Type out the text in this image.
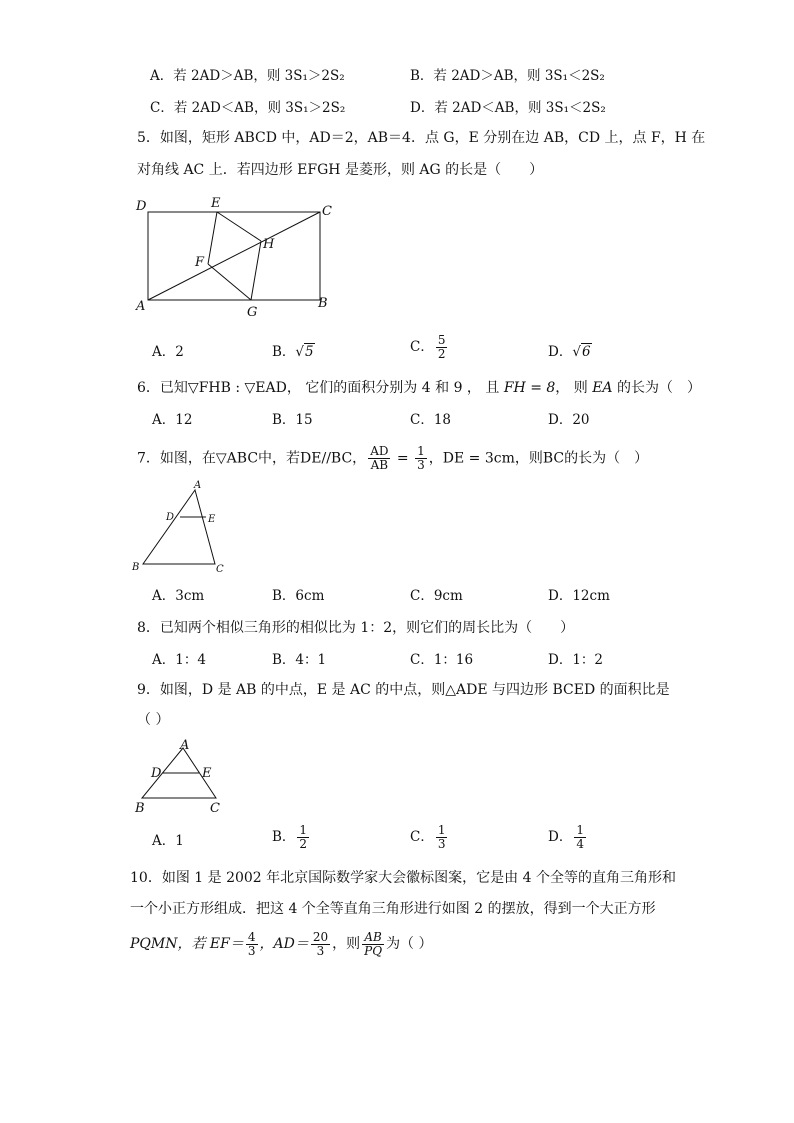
A．若 2AD＞AB，则 3S₁＞2S₂	B．若 2AD＞AB，则 3S₁＜2S₂
C．若 2AD＜AB，则 3S₁＞2S₂	D．若 2AD＜AB，则 3S₁＜2S₂
5．如图，矩形 ABCD 中，AD＝2，AB＝4．点 G，E 分别在边 AB，CD 上，点 F，H 在
对角线 AC 上．若四边形 EFGH 是菱形，则 AG 的长是（　　）
D	E
C
H
F
A	B
G
A．2	B．√5	C． $\frac{5}{2}$	D．√6
6．已知▽FHB : ▽EAD， 它们的面积分别为 4 和 9 ， 且 FH = 8， 则 EA 的长为（　）
A．12	B．15	C．18	D．20
7．如图，在▽ABC中，若DE//BC， $\frac{AD}{AB} = \frac{1}{3}$ ，DE = 3cm，则BC的长为（　）
A
D	E
B	C
A．3cm	B．6cm	C．9cm	D．12cm
8．已知两个相似三角形的相似比为 1：2，则它们的周长比为（　　）
A．1：4	B．4：1	C．1：16	D．1：2
9．如图，D 是 AB 的中点，E 是 AC 的中点，则△ADE 与四边形 BCED 的面积比是
（ ）
A
D	E
B	C
A．1	B． $\frac{1}{2}$	C． $\frac{1}{3}$	D． $\frac{1}{4}$
10．如图 1 是 2002 年北京国际数学家大会徽标图案，它是由 4 个全等的直角三角形和
一个小正方形组成．把这 4 个全等直角三角形进行如图 2 的摆放，得到一个大正方形
PQMN，若 $EF= \frac{4}{3}$ ，$AD= \frac{20}{3}$ ，则 $\frac{AB}{PQ}$ 为（ ）
